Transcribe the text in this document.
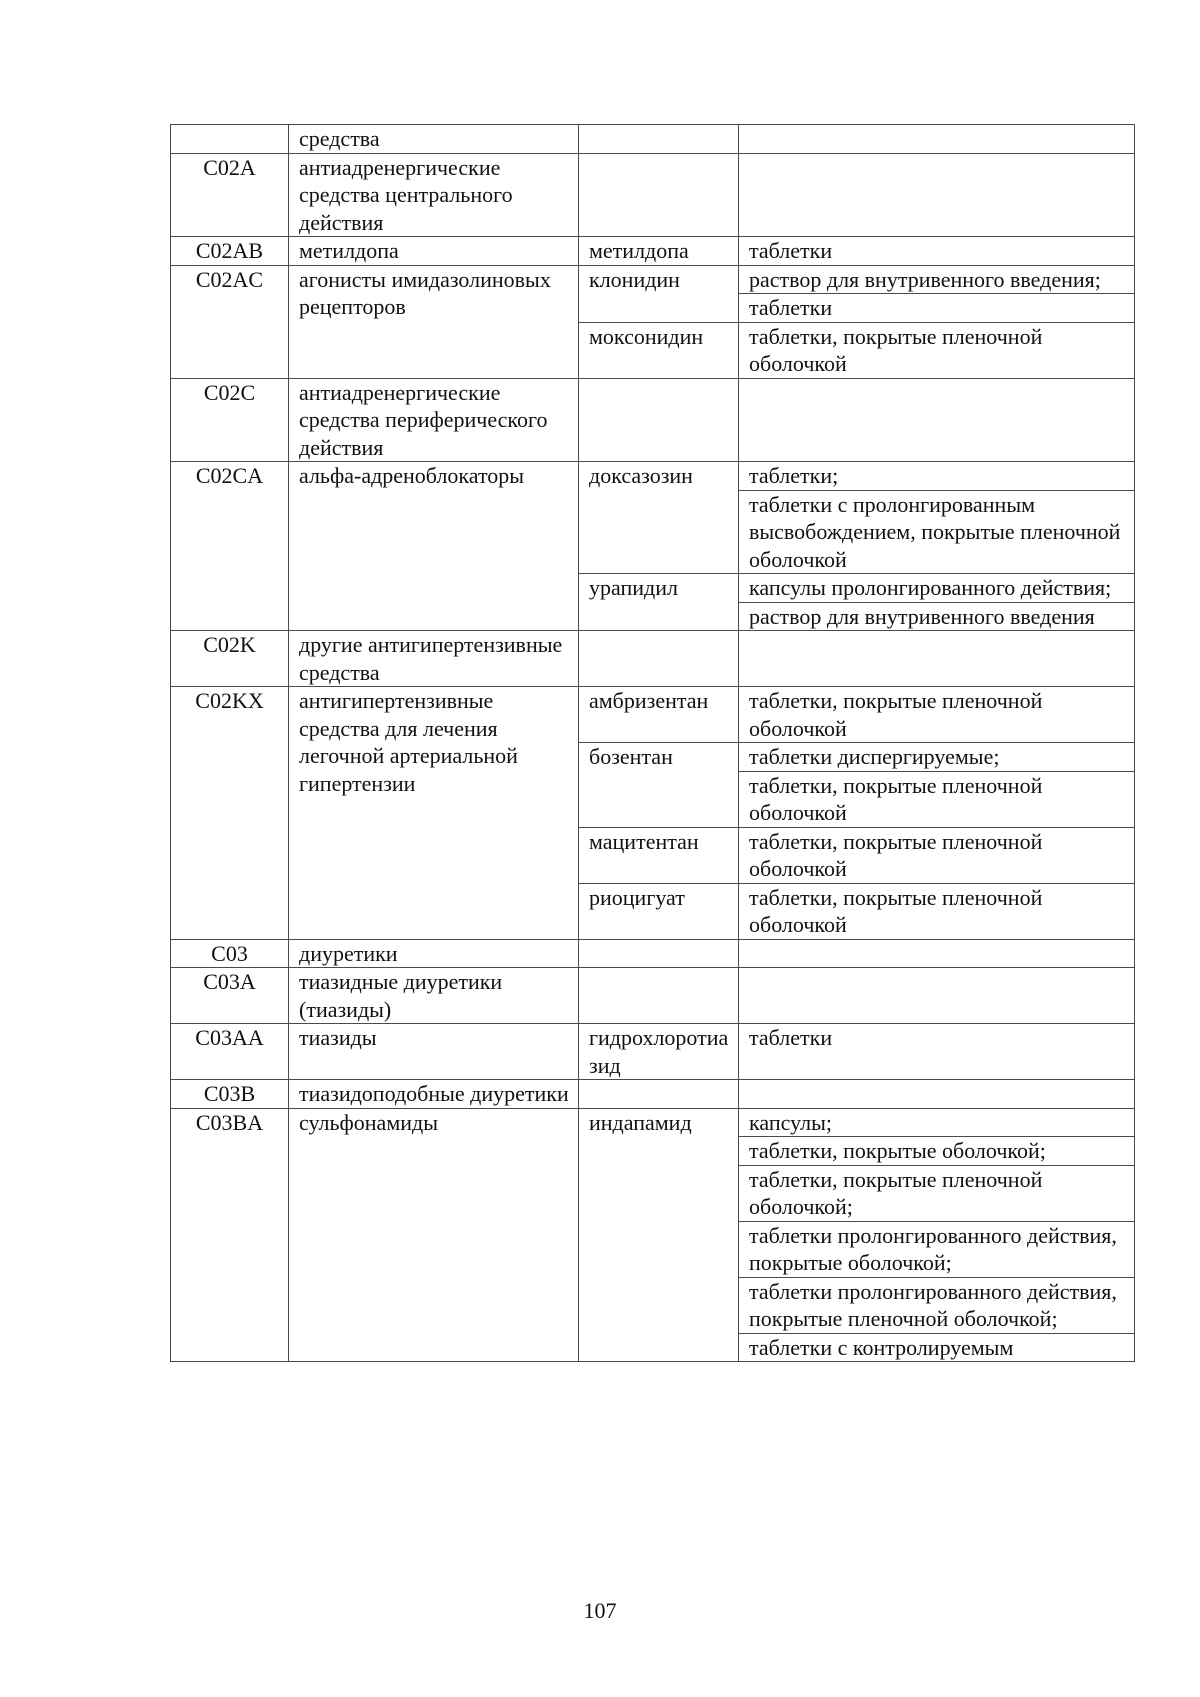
	средства		
C02A	антиадренергические средства центрального действия		
C02AB	метилдопа	метилдопа	таблетки
C02AC	агонисты имидазолиновых рецепторов	клонидин	раствор для внутривенного введения;
			таблетки
		моксонидин	таблетки, покрытые пленочной оболочкой
C02C	антиадренергические средства периферического действия		
C02CA	альфа-адреноблокаторы	доксазозин	таблетки;
			таблетки с пролонгированным высвобождением, покрытые пленочной оболочкой
		урапидил	капсулы пролонгированного действия;
			раствор для внутривенного введения
C02K	другие антигипертензивные средства		
C02KX	антигипертензивные средства для лечения легочной артериальной гипертензии	амбризентан	таблетки, покрытые пленочной оболочкой
		бозентан	таблетки диспергируемые;
			таблетки, покрытые пленочной оболочкой
		мацитентан	таблетки, покрытые пленочной оболочкой
		риоцигуат	таблетки, покрытые пленочной оболочкой
C03	диуретики		
C03A	тиазидные диуретики (тиазиды)		
C03AA	тиазиды	гидрохлоротиазид	таблетки
C03B	тиазидоподобные диуретики		
C03BA	сульфонамиды	индапамид	капсулы;
			таблетки, покрытые оболочкой;
			таблетки, покрытые пленочной оболочкой;
			таблетки пролонгированного действия, покрытые оболочкой;
			таблетки пролонгированного действия, покрытые пленочной оболочкой;
			таблетки с контролируемым
107
